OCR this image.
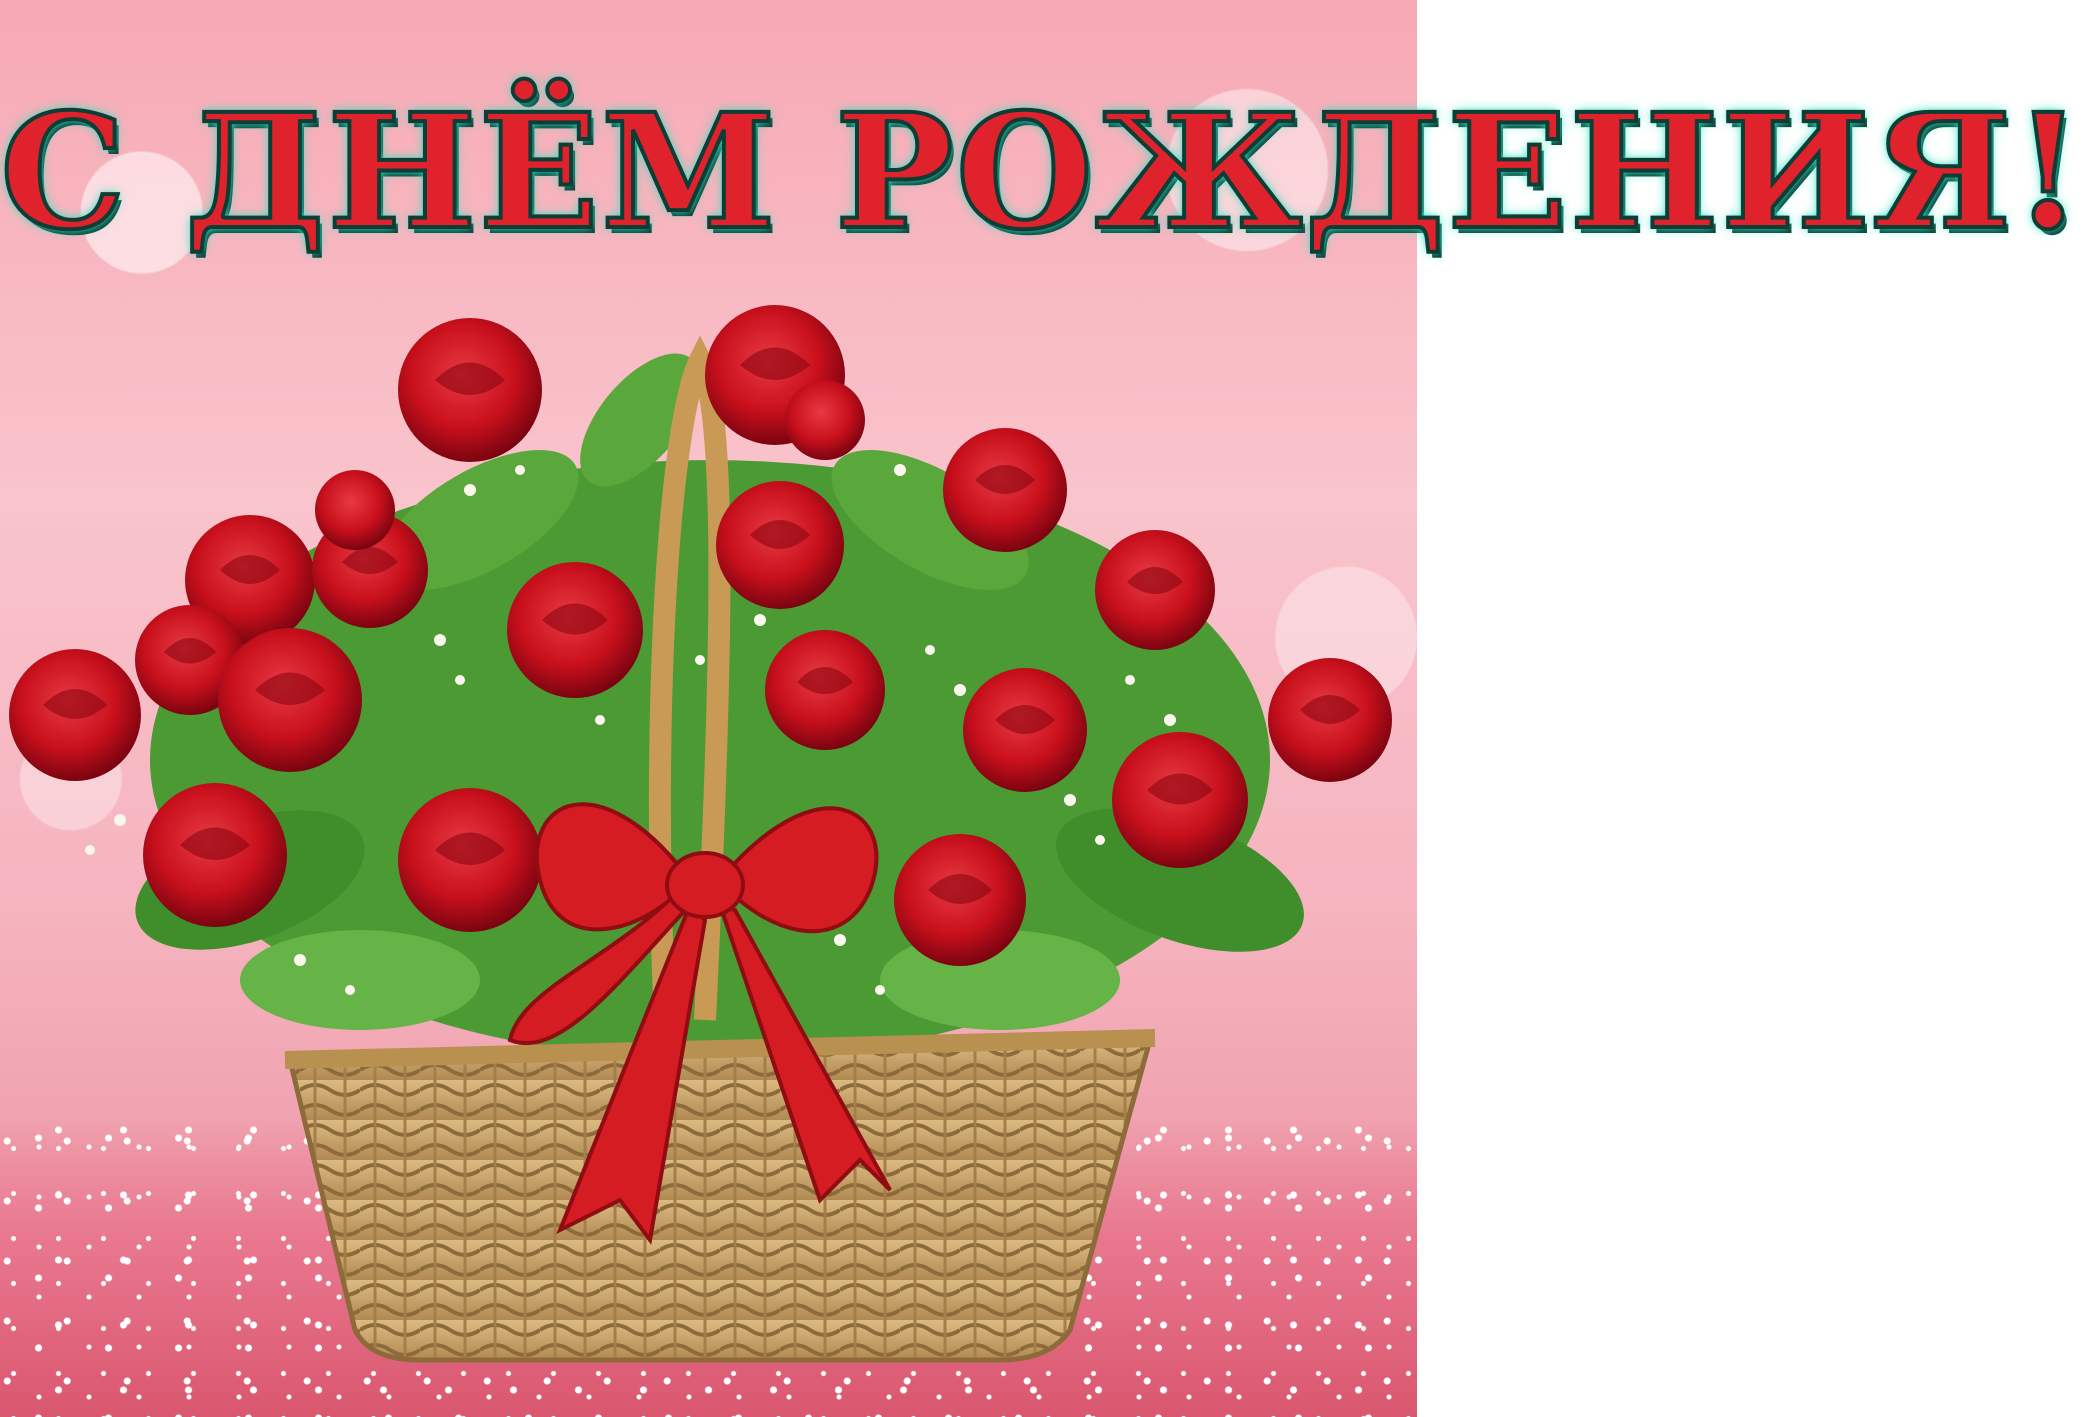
С ДНЁМ РОЖДЕНИЯ!
